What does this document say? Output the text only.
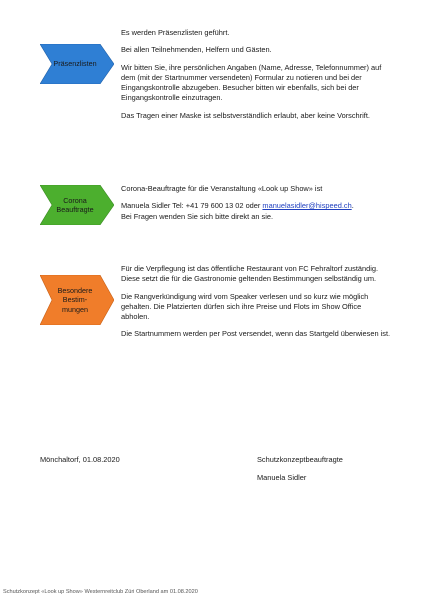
Präsenzlisten

Es werden Präsenzlisten geführt.

Bei allen Teilnehmenden, Helfern und Gästen.

Wir bitten Sie, ihre persönlichen Angaben (Name, Adresse, Telefonnummer) auf dem (mit der Startnummer versendeten) Formular zu notieren und bei der Eingangskontrolle abzugeben. Besucher bitten wir ebenfalls, sich bei der Eingangskontrolle einzutragen.

Das Tragen einer Maske ist selbstverständlich erlaubt, aber keine Vorschrift.

Corona
Beauftragte

Corona-Beauftragte für die Veranstaltung «Look up Show» ist

Manuela Sidler Tel: +41 79 600 13 02 oder manuelasidler@hispeed.ch.

Bei Fragen wenden Sie sich bitte direkt an sie.

Besondere
Bestim-
mungen

Für die Verpflegung ist das öffentliche Restaurant von FC Fehraltorf zuständig. Diese setzt die für die Gastronomie geltenden Bestimmungen selbständig um.

Die Rangverkündigung wird vom Speaker verlesen und so kurz wie möglich gehalten. Die Platzierten dürfen sich ihre Preise und Flots im Show Office abholen.

Die Startnummern werden per Post versendet, wenn das Startgeld überwiesen ist.

Mönchaltorf, 01.08.2020	Schutzkonzeptbeauftragte
Manuela Sidler
Schutzkonzept «Look up Show» Westernreitclub Züri Oberland am 01.08.2020
